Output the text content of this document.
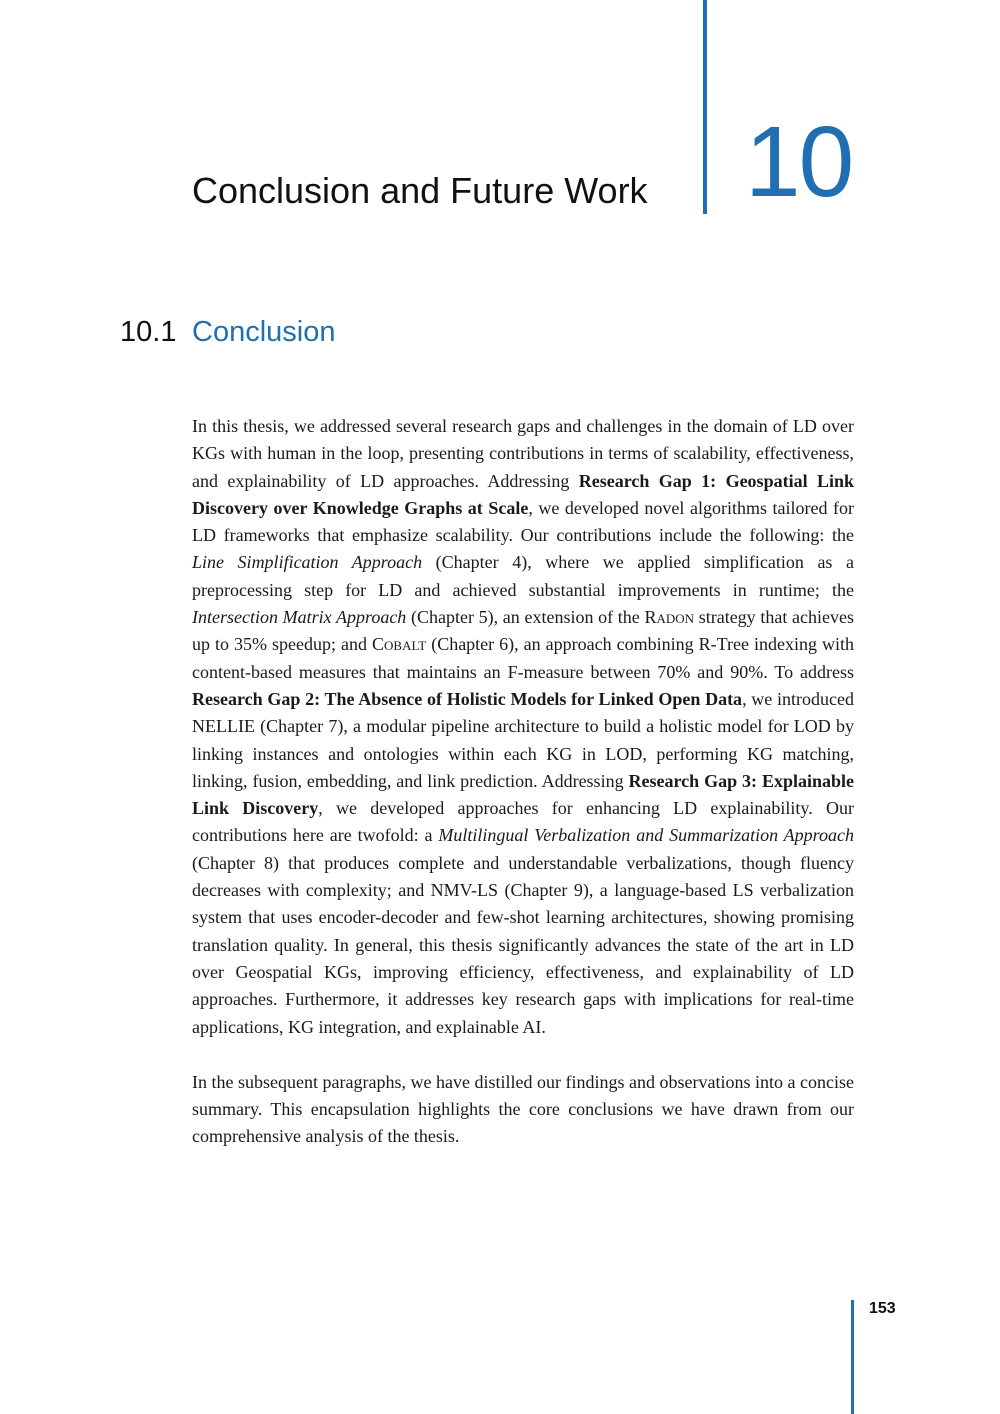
Conclusion and Future Work 10
10.1 Conclusion

In this thesis, we addressed several research gaps and challenges in the domain of LD over KGs with human in the loop, presenting contributions in terms of scalability, effectiveness, and explainability of LD approaches. Addressing Research Gap 1: Geospatial Link Discovery over Knowledge Graphs at Scale, we developed novel algorithms tailored for LD frameworks that emphasize scalability. Our contributions include the following: the Line Simplification Approach (Chapter 4), where we applied simplification as a preprocessing step for LD and achieved substantial improvements in runtime; the Intersection Matrix Approach (Chapter 5), an extension of the Radon strategy that achieves up to 35% speedup; and Cobalt (Chapter 6), an approach combining R-Tree indexing with content-based measures that maintains an F-measure between 70% and 90%. To address Research Gap 2: The Absence of Holistic Models for Linked Open Data, we introduced NELLIE (Chapter 7), a modular pipeline architecture to build a holistic model for LOD by linking instances and ontologies within each KG in LOD, performing KG matching, linking, fusion, embedding, and link prediction. Addressing Research Gap 3: Explainable Link Discovery, we developed approaches for enhancing LD explainability. Our contributions here are twofold: a Multilingual Verbalization and Summarization Approach (Chapter 8) that produces complete and understandable verbalizations, though fluency decreases with complexity; and NMV-LS (Chapter 9), a language-based LS verbalization system that uses encoder-decoder and few-shot learning architectures, showing promising translation quality. In general, this thesis significantly advances the state of the art in LD over Geospatial KGs, improving efficiency, effectiveness, and explainability of LD approaches. Furthermore, it addresses key research gaps with implications for real-time applications, KG integration, and explainable AI.

In the subsequent paragraphs, we have distilled our findings and observations into a concise summary. This encapsulation highlights the core conclusions we have drawn from our comprehensive analysis of the thesis.

153
